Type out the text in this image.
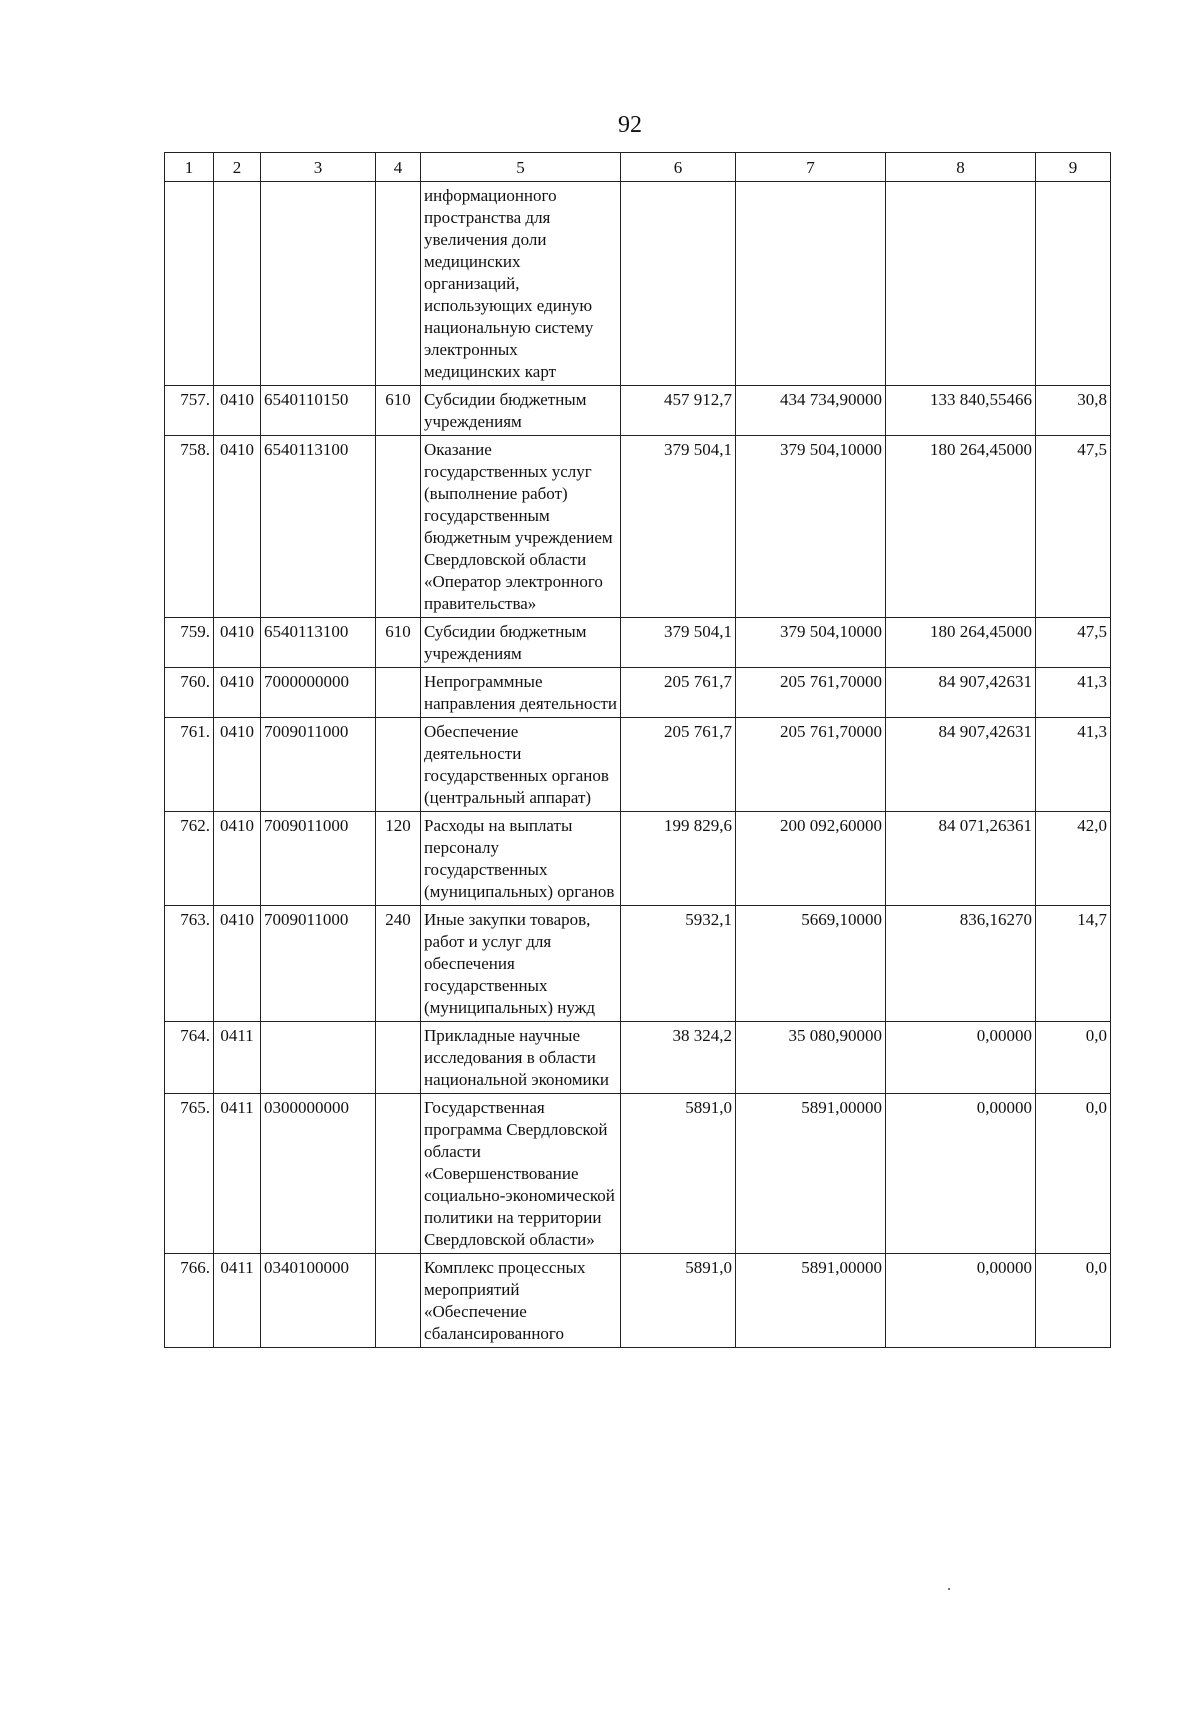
92
1	2	3	4	5	6	7	8	9
				информационного пространства для увеличения доли медицинских организаций, использующих единую национальную систему электронных медицинских карт				
757.	0410	6540110150	610	Субсидии бюджетным учреждениям	457 912,7	434 734,90000	133 840,55466	30,8
758.	0410	6540113100		Оказание государственных услуг (выполнение работ) государственным бюджетным учреждением Свердловской области «Оператор электронного правительства»	379 504,1	379 504,10000	180 264,45000	47,5
759.	0410	6540113100	610	Субсидии бюджетным учреждениям	379 504,1	379 504,10000	180 264,45000	47,5
760.	0410	7000000000		Непрограммные направления деятельности	205 761,7	205 761,70000	84 907,42631	41,3
761.	0410	7009011000		Обеспечение деятельности государственных органов (центральный аппарат)	205 761,7	205 761,70000	84 907,42631	41,3
762.	0410	7009011000	120	Расходы на выплаты персоналу государственных (муниципальных) органов	199 829,6	200 092,60000	84 071,26361	42,0
763.	0410	7009011000	240	Иные закупки товаров, работ и услуг для обеспечения государственных (муниципальных) нужд	5932,1	5669,10000	836,16270	14,7
764.	0411			Прикладные научные исследования в области национальной экономики	38 324,2	35 080,90000	0,00000	0,0
765.	0411	0300000000		Государственная программа Свердловской области «Совершенствование социально-экономической политики на территории Свердловской области»	5891,0	5891,00000	0,00000	0,0
766.	0411	0340100000		Комплекс процессных мероприятий «Обеспечение сбалансированного	5891,0	5891,00000	0,00000	0,0
